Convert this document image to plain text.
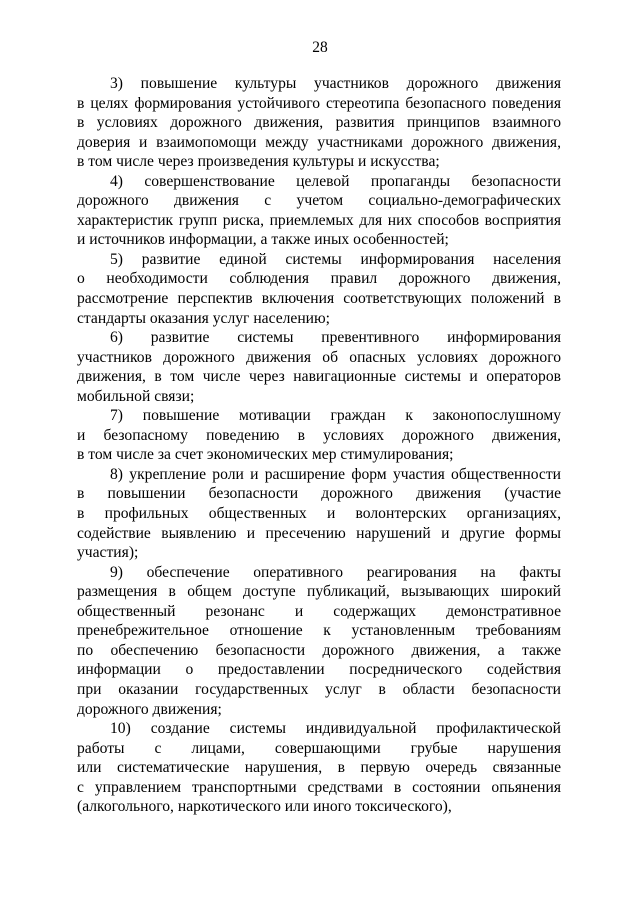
28
3) повышение культуры участников дорожного движения
в целях формирования устойчивого стереотипа безопасного поведения
в условиях дорожного движения, развития принципов взаимного
доверия и взаимопомощи между участниками дорожного движения,
в том числе через произведения культуры и искусства;
4) совершенствование целевой пропаганды безопасности
дорожного движения с учетом социально-демографических
характеристик групп риска, приемлемых для них способов восприятия
и источников информации, а также иных особенностей;
5) развитие единой системы информирования населения
о необходимости соблюдения правил дорожного движения,
рассмотрение перспектив включения соответствующих положений в
стандарты оказания услуг населению;
6) развитие системы превентивного информирования
участников дорожного движения об опасных условиях дорожного
движения, в том числе через навигационные системы и операторов
мобильной связи;
7) повышение мотивации граждан к законопослушному
и безопасному поведению в условиях дорожного движения,
в том числе за счет экономических мер стимулирования;
8) укрепление роли и расширение форм участия общественности
в повышении безопасности дорожного движения (участие
в профильных общественных и волонтерских организациях,
содействие выявлению и пресечению нарушений и другие формы
участия);
9) обеспечение оперативного реагирования на факты
размещения в общем доступе публикаций, вызывающих широкий
общественный резонанс и содержащих демонстративное
пренебрежительное отношение к установленным требованиям
по обеспечению безопасности дорожного движения, а также
информации о предоставлении посреднического содействия
при оказании государственных услуг в области безопасности
дорожного движения;
10) создание системы индивидуальной профилактической
работы с лицами, совершающими грубые нарушения
или систематические нарушения, в первую очередь связанные
с управлением транспортными средствами в состоянии опьянения
(алкогольного, наркотического или иного токсического),
